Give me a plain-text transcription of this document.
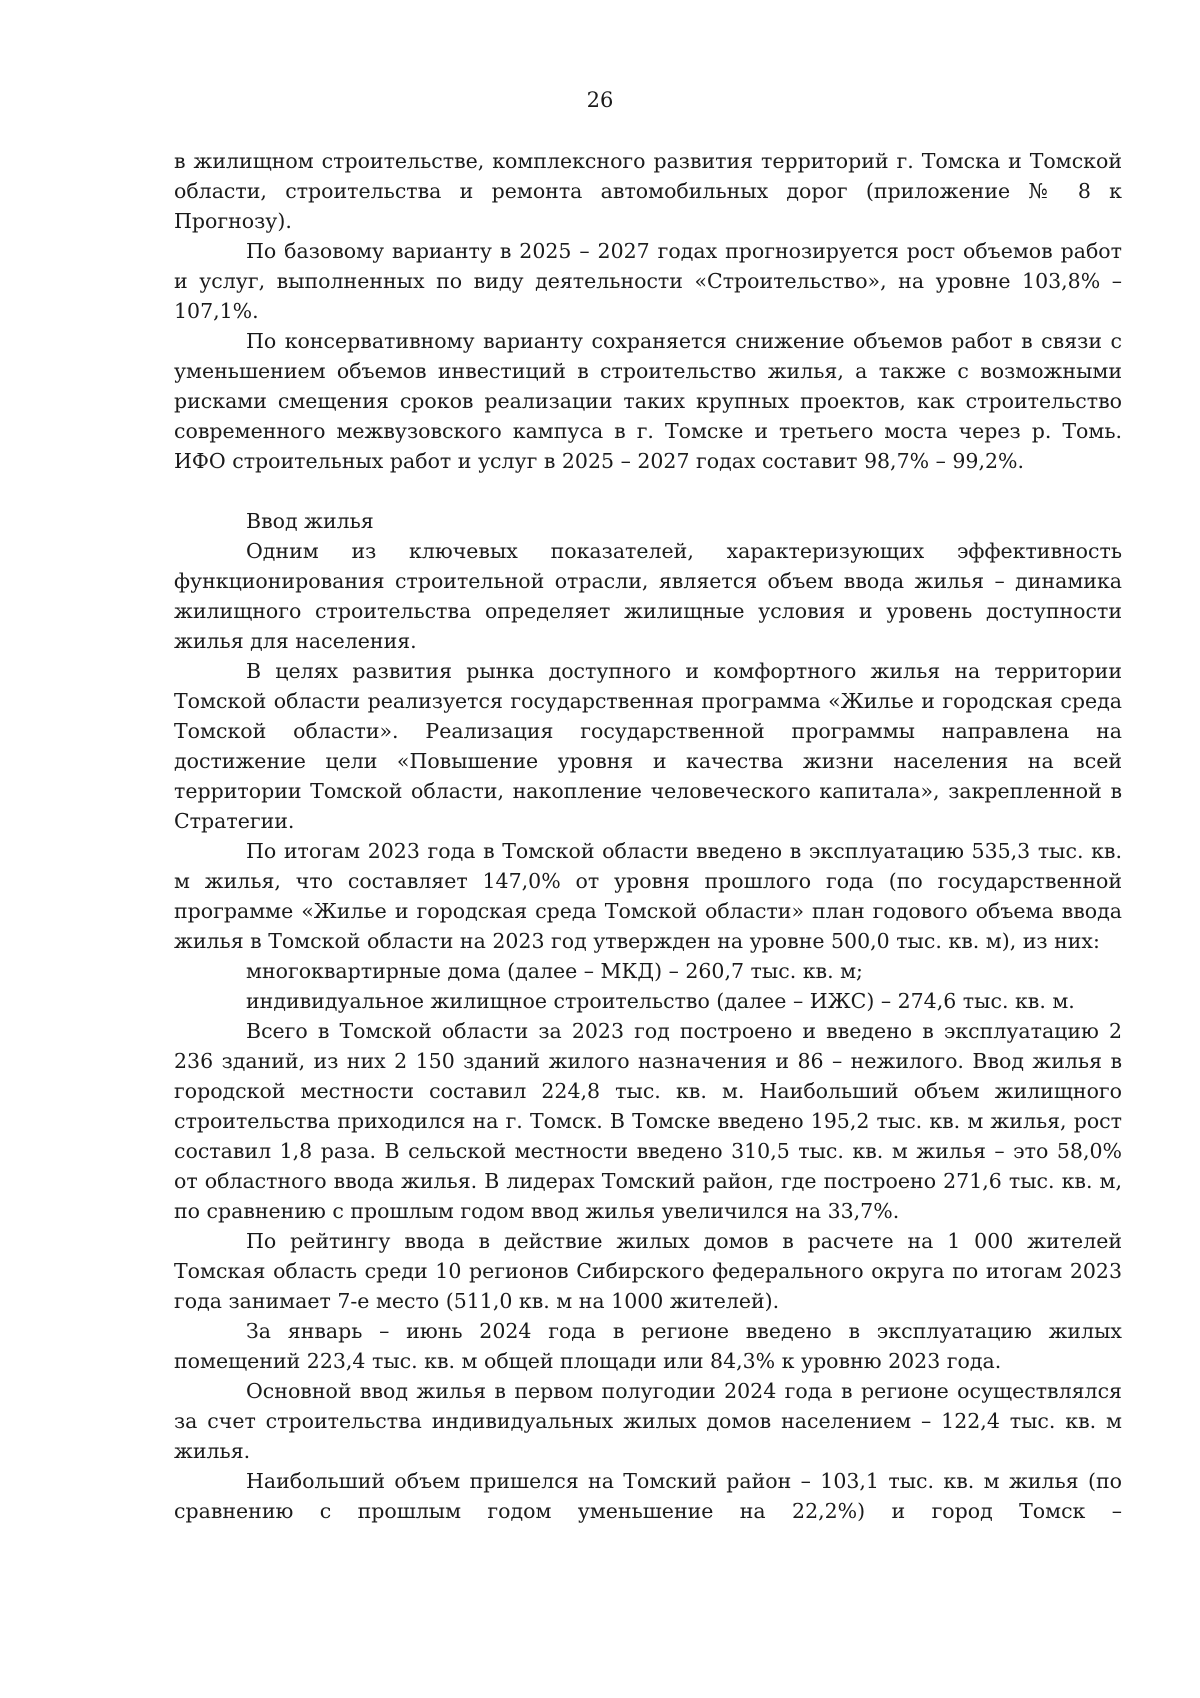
26

в жилищном строительстве, комплексного развития территорий г. Томска и Томской области, строительства и ремонта автомобильных дорог (приложение № 8 к Прогнозу).

По базовому варианту в 2025 – 2027 годах прогнозируется рост объемов работ и услуг, выполненных по виду деятельности «Строительство», на уровне 103,8% – 107,1%.

По консервативному варианту сохраняется снижение объемов работ в связи с уменьшением объемов инвестиций в строительство жилья, а также с возможными рисками смещения сроков реализации таких крупных проектов, как строительство современного межвузовского кампуса в г. Томске и третьего моста через р. Томь. ИФО строительных работ и услуг в 2025 – 2027 годах составит 98,7% – 99,2%.

Ввод жилья

Одним из ключевых показателей, характеризующих эффективность функционирования строительной отрасли, является объем ввода жилья – динамика жилищного строительства определяет жилищные условия и уровень доступности жилья для населения.

В целях развития рынка доступного и комфортного жилья на территории Томской области реализуется государственная программа «Жилье и городская среда Томской области». Реализация государственной программы направлена на достижение цели «Повышение уровня и качества жизни населения на всей территории Томской области, накопление человеческого капитала», закрепленной в Стратегии.

По итогам 2023 года в Томской области введено в эксплуатацию 535,3 тыс. кв. м жилья, что составляет 147,0% от уровня прошлого года (по государственной программе «Жилье и городская среда Томской области» план годового объема ввода жилья в Томской области на 2023 год утвержден на уровне 500,0 тыс. кв. м), из них:

многоквартирные дома (далее – МКД) – 260,7 тыс. кв. м;

индивидуальное жилищное строительство (далее – ИЖС) – 274,6 тыс. кв. м.

Всего в Томской области за 2023 год построено и введено в эксплуатацию 2 236 зданий, из них 2 150 зданий жилого назначения и 86 – нежилого. Ввод жилья в городской местности составил 224,8 тыс. кв. м. Наибольший объем жилищного строительства приходился на г. Томск. В Томске введено 195,2 тыс. кв. м жилья, рост составил 1,8 раза. В сельской местности введено 310,5 тыс. кв. м жилья – это 58,0% от областного ввода жилья. В лидерах Томский район, где построено 271,6 тыс. кв. м, по сравнению с прошлым годом ввод жилья увеличился на 33,7%.

По рейтингу ввода в действие жилых домов в расчете на 1 000 жителей Томская область среди 10 регионов Сибирского федерального округа по итогам 2023 года занимает 7-е место (511,0 кв. м на 1000 жителей).

За январь – июнь 2024 года в регионе введено в эксплуатацию жилых помещений 223,4 тыс. кв. м общей площади или 84,3% к уровню 2023 года.

Основной ввод жилья в первом полугодии 2024 года в регионе осуществлялся за счет строительства индивидуальных жилых домов населением – 122,4 тыс. кв. м жилья.

Наибольший объем пришелся на Томский район – 103,1 тыс. кв. м жилья (по сравнению с прошлым годом уменьшение на 22,2%) и город Томск –
